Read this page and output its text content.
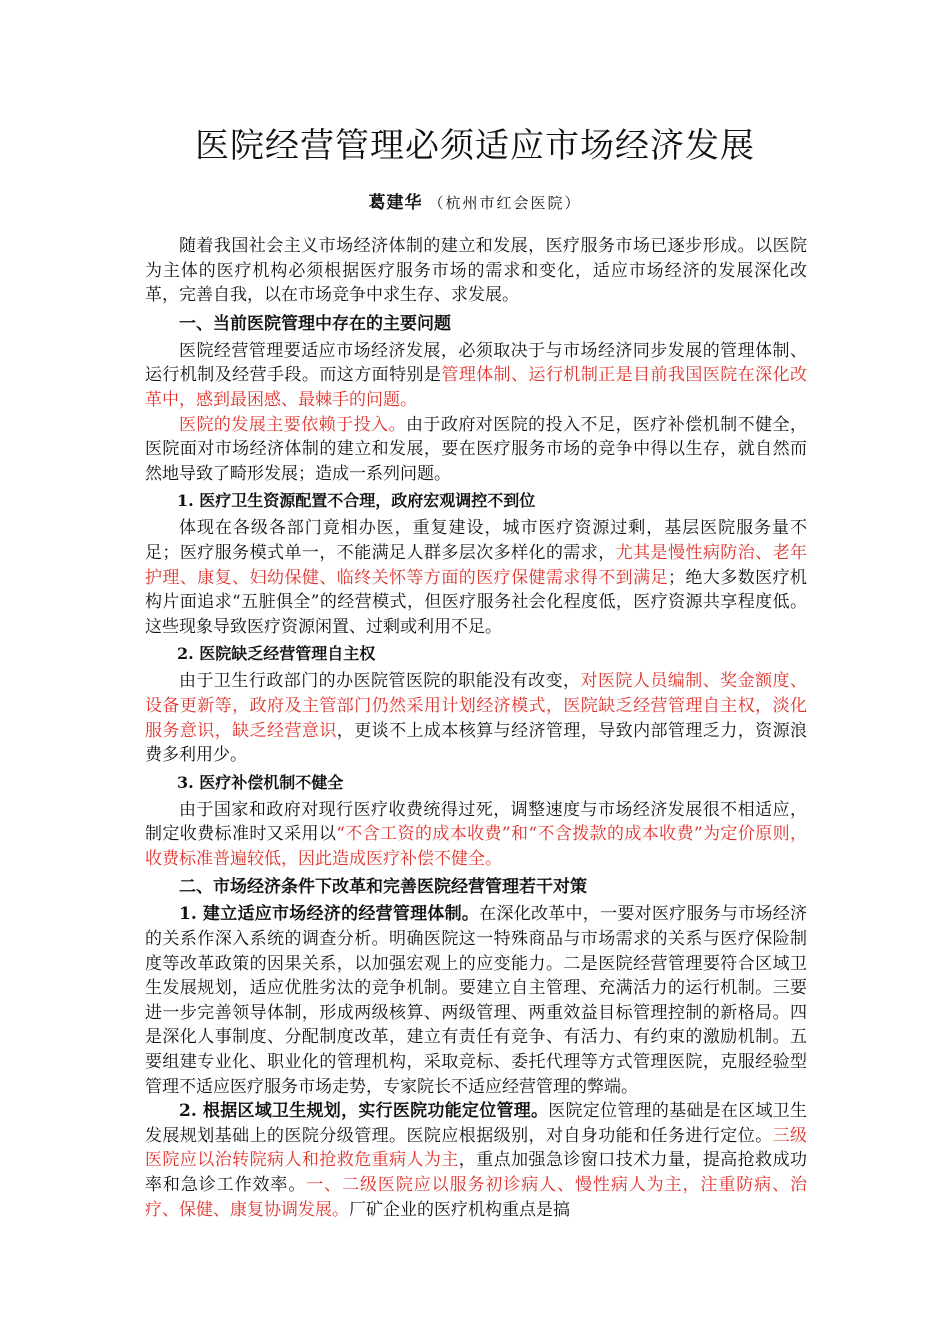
医院经营管理必须适应市场经济发展
葛建华 （杭州市红会医院）

随着我国社会主义市场经济体制的建立和发展，医疗服务市场已逐步形成。以医院为主体的医疗机构必须根据医疗服务市场的需求和变化，适应市场经济的发展深化改革，完善自我，以在市场竞争中求生存、求发展。

一、当前医院管理中存在的主要问题

医院经营管理要适应市场经济发展，必须取决于与市场经济同步发展的管理体制、运行机制及经营手段。而这方面特别是管理体制、运行机制正是目前我国医院在深化改革中，感到最困感、最棘手的问题。

医院的发展主要依赖于投入。由于政府对医院的投入不足，医疗补偿机制不健全，医院面对市场经济体制的建立和发展，要在医疗服务市场的竞争中得以生存，就自然而然地导致了畸形发展；造成一系列问题。

1. 医疗卫生资源配置不合理，政府宏观调控不到位

体现在各级各部门竟相办医，重复建设，城市医疗资源过剩，基层医院服务量不足；医疗服务模式单一，不能满足人群多层次多样化的需求，尤其是慢性病防治、老年护理、康复、妇幼保健、临终关怀等方面的医疗保健需求得不到满足；绝大多数医疗机构片面追求“五脏俱全”的经营模式，但医疗服务社会化程度低，医疗资源共享程度低。这些现象导致医疗资源闲置、过剩或利用不足。

2. 医院缺乏经营管理自主权

由于卫生行政部门的办医院管医院的职能没有改变，对医院人员编制、奖金额度、设备更新等，政府及主管部门仍然采用计划经济模式，医院缺乏经营管理自主权，淡化服务意识，缺乏经营意识，更谈不上成本核算与经济管理，导致内部管理乏力，资源浪费多利用少。

3. 医疗补偿机制不健全

由于国家和政府对现行医疗收费统得过死，调整速度与市场经济发展很不相适应，制定收费标准时又采用以“不含工资的成本收费”和“不含拨款的成本收费”为定价原则，收费标准普遍较低，因此造成医疗补偿不健全。

二、市场经济条件下改革和完善医院经营管理若干对策

1. 建立适应市场经济的经营管理体制。在深化改革中，一要对医疗服务与市场经济的关系作深入系统的调查分析。明确医院这一特殊商品与市场需求的关系与医疗保险制度等改革政策的因果关系，以加强宏观上的应变能力。二是医院经营管理要符合区域卫生发展规划，适应优胜劣汰的竞争机制。要建立自主管理、充满活力的运行机制。三要进一步完善领导体制，形成两级核算、两级管理、两重效益目标管理控制的新格局。四是深化人事制度、分配制度改革，建立有责任有竞争、有活力、有约束的激励机制。五要组建专业化、职业化的管理机构，采取竞标、委托代理等方式管理医院，克服经验型管理不适应医疗服务市场走势，专家院长不适应经营管理的弊端。

2. 根据区域卫生规划，实行医院功能定位管理。医院定位管理的基础是在区域卫生发展规划基础上的医院分级管理。医院应根据级别，对自身功能和任务进行定位。三级医院应以治转院病人和抢救危重病人为主，重点加强急诊窗口技术力量，提高抢救成功率和急诊工作效率。一、二级医院应以服务初诊病人、慢性病人为主，注重防病、治疗、保健、康复协调发展。厂矿企业的医疗机构重点是搞
